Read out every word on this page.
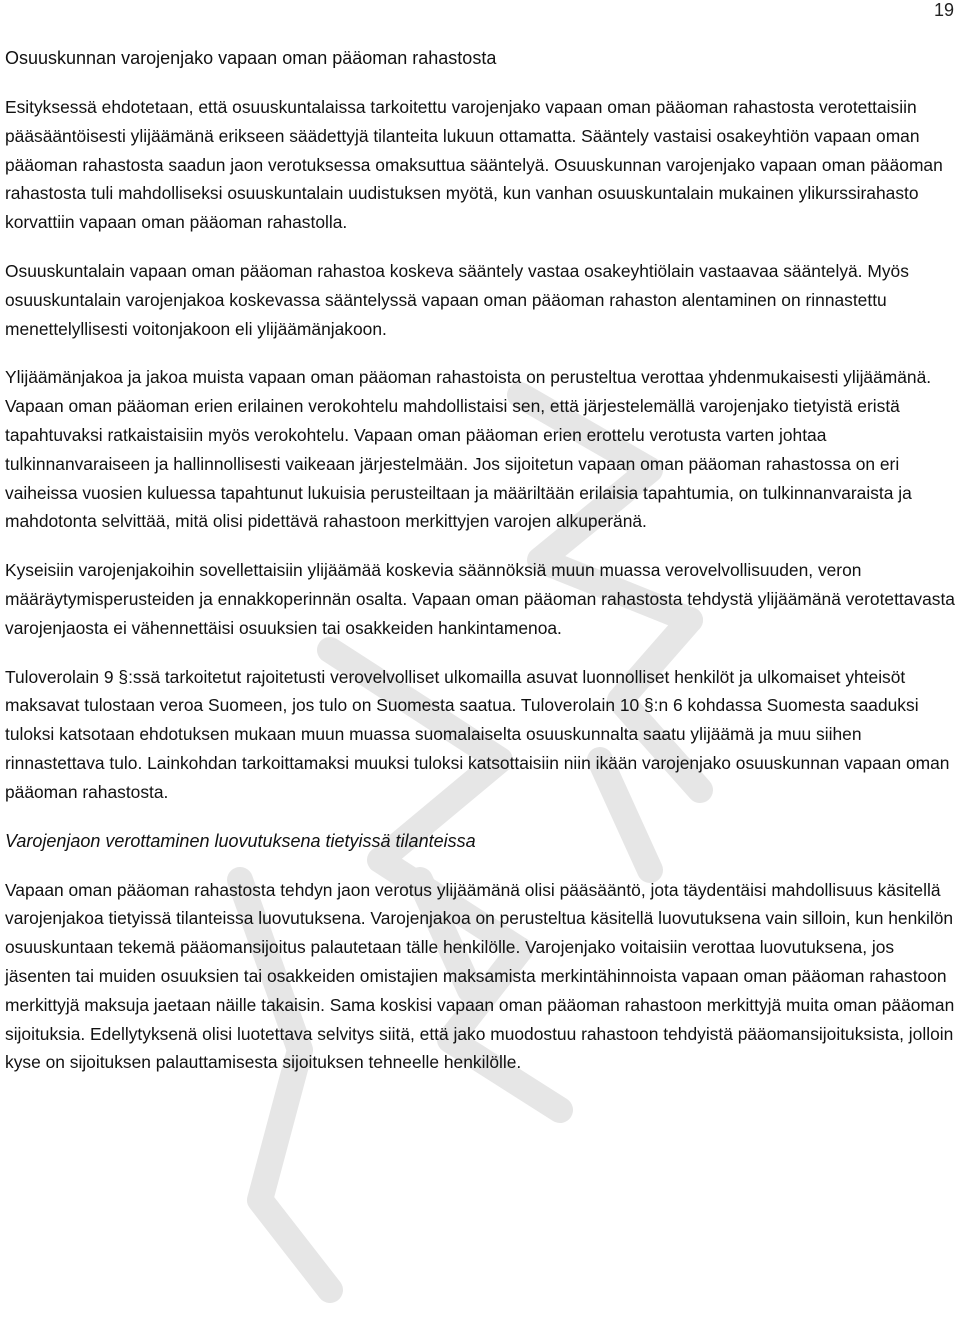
19
Osuuskunnan varojenjako vapaan oman pääoman rahastosta

Esityksessä ehdotetaan, että osuuskuntalaissa tarkoitettu varojenjako vapaan oman pääoman rahastosta verotettaisiin pääsääntöisesti ylijäämänä erikseen säädettyjä tilanteita lukuun ottamatta. Sääntely vastaisi osakeyhtiön vapaan oman pääoman rahastosta saadun jaon verotuksessa omaksuttua sääntelyä. Osuuskunnan varojenjako vapaan oman pääoman rahastosta tuli mahdolliseksi osuuskuntalain uudistuksen myötä, kun vanhan osuuskuntalain mukainen ylikurssirahasto korvattiin vapaan oman pääoman rahastolla.

Osuuskuntalain vapaan oman pääoman rahastoa koskeva sääntely vastaa osakeyhtiölain vastaavaa sääntelyä. Myös osuuskuntalain varojenjakoa koskevassa sääntelyssä vapaan oman pääoman rahaston alentaminen on rinnastettu menettelyllisesti voitonjakoon eli ylijäämänjakoon.

Ylijäämänjakoa ja jakoa muista vapaan oman pääoman rahastoista on perusteltua verottaa yhdenmukaisesti ylijäämänä. Vapaan oman pääoman erien erilainen verokohtelu mahdollistaisi sen, että järjestelemällä varojenjako tietyistä eristä tapahtuvaksi ratkaistaisiin myös verokohtelu. Vapaan oman pääoman erien erottelu verotusta varten johtaa tulkinnanvaraiseen ja hallinnollisesti vaikeaan järjestelmään. Jos sijoitetun vapaan oman pääoman rahastossa on eri vaiheissa vuosien kuluessa tapahtunut lukuisia perusteiltaan ja määriltään erilaisia tapahtumia, on tulkinnanvaraista ja mahdotonta selvittää, mitä olisi pidettävä rahastoon merkittyjen varojen alkuperänä.

Kyseisiin varojenjakoihin sovellettaisiin ylijäämää koskevia säännöksiä muun muassa verovelvollisuuden, veron määräytymisperusteiden ja ennakkoperinnän osalta. Vapaan oman pääoman rahastosta tehdystä ylijäämänä verotettavasta varojenjaosta ei vähennettäisi osuuksien tai osakkeiden hankintamenoa.

Tuloverolain 9 §:ssä tarkoitetut rajoitetusti verovelvolliset ulkomailla asuvat luonnolliset henkilöt ja ulkomaiset yhteisöt maksavat tulostaan veroa Suomeen, jos tulo on Suomesta saatua. Tuloverolain 10 §:n 6 kohdassa Suomesta saaduksi tuloksi katsotaan ehdotuksen mukaan muun muassa suomalaiselta osuuskunnalta saatu ylijäämä ja muu siihen rinnastettava tulo. Lainkohdan tarkoittamaksi muuksi tuloksi katsottaisiin niin ikään varojenjako osuuskunnan vapaan oman pääoman rahastosta.

Varojenjaon verottaminen luovutuksena tietyissä tilanteissa

Vapaan oman pääoman rahastosta tehdyn jaon verotus ylijäämänä olisi pääsääntö, jota täydentäisi mahdollisuus käsitellä varojenjakoa tietyissä tilanteissa luovutuksena. Varojenjakoa on perusteltua käsitellä luovutuksena vain silloin, kun henkilön osuuskuntaan tekemä pääomansijoitus palautetaan tälle henkilölle. Varojenjako voitaisiin verottaa luovutuksena, jos jäsenten tai muiden osuuksien tai osakkeiden omistajien maksamista merkintähinnoista vapaan oman pääoman rahastoon merkittyjä maksuja jaetaan näille takaisin. Sama koskisi vapaan oman pääoman rahastoon merkittyjä muita oman pääoman sijoituksia. Edellytyksenä olisi luotettava selvitys siitä, että jako muodostuu rahastoon tehdyistä pääomansijoituksista, jolloin kyse on sijoituksen palauttamisesta sijoituksen tehneelle henkilölle.
